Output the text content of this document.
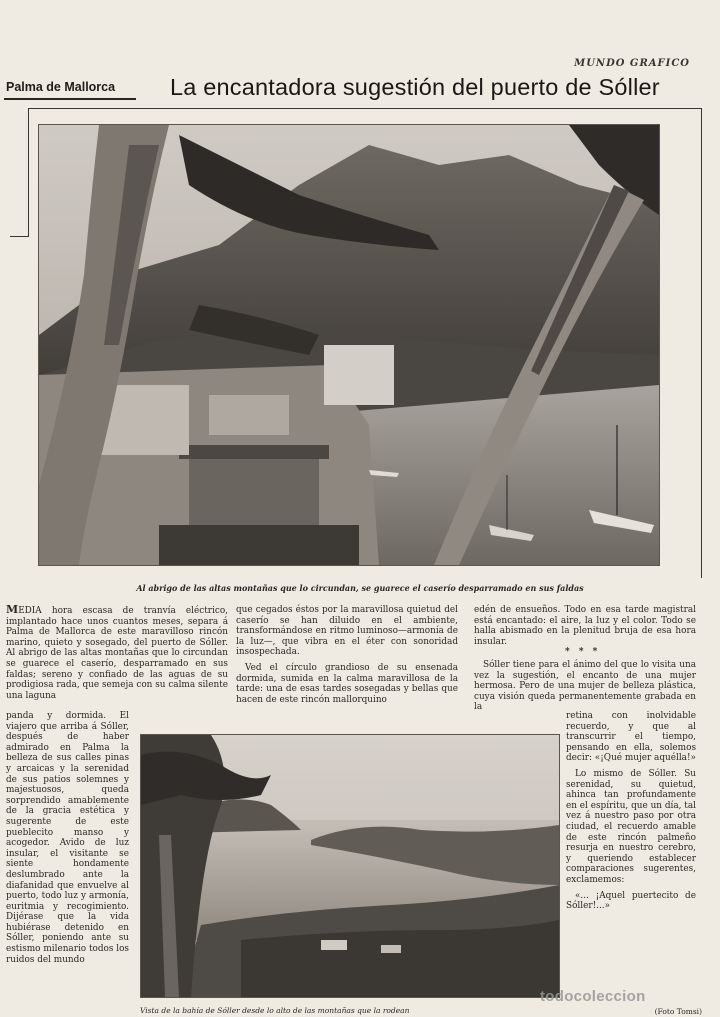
MUNDO GRAFICO
Palma de Mallorca La encantadora sugestión del puerto de Sóller
Al abrigo de las altas montañas que lo circundan, se guarece el caserío desparramado en sus faldas

MEDIA hora escasa de tranvía eléctrico, implantado hace unos cuantos meses, separa á Palma de Mallorca de este maravilloso rincón marino, quieto y sosegado, del puerto de Sóller. Al abrigo de las altas montañas que lo circundan se guarece el caserío, desparramado en sus faldas; sereno y confiado de las aguas de su prodigiosa rada, que semeja con su calma silente una laguna

que cegados éstos por la maravillosa quietud del caserío se han diluido en el ambiente, transformándose en ritmo luminoso—armonía de la luz—, que vibra en el éter con sonoridad insospechada.

Ved el círculo grandioso de su ensenada dormida, sumida en la calma maravillosa de la tarde: una de esas tardes sosegadas y bellas que hacen de este rincón mallorquino

edén de ensueños. Todo en esa tarde magistral está encantado: el aire, la luz y el color. Todo se halla abismado en la plenitud bruja de esa hora insular.

* * *

Sóller tiene para el ánimo del que lo visita una vez la sugestión, el encanto de una mujer hermosa. Pero de una mujer de belleza plástica, cuya visión queda permanentemente grabada en la

panda y dormida. El viajero que arriba á Sóller, después de haber admirado en Palma la belleza de sus calles pinas y arcaicas y la serenidad de sus patios solemnes y majestuosos, queda sorprendido amablemente de la gracia estética y sugerente de este pueblecito manso y acogedor. Avido de luz insular, el visitante se siente hondamente deslumbrado ante la diafanidad que envuelve al puerto, todo luz y armonía, euritmia y recogimiento. Dijérase que la vida hubiérase detenido en Sóller, poniendo ante su estismo milenario todos los ruidos del mundo

retina con inolvidable recuerdo, y que al transcurrir el tiempo, pensando en ella, solemos decir: «¡Qué mujer aquélla!»

Lo mismo de Sóller. Su serenidad, su quietud, ahinca tan profundamente en el espíritu, que un día, tal vez á nuestro paso por otra ciudad, el recuerdo amable de este rincón palmeño resurja en nuestro cerebro, y queriendo establecer comparaciones sugerentes, exclamemos:

«... ¡Aquel puertecito de Sóller!...»

Vista de la bahía de Sóller desde lo alto de las montañas que la rodean	(Foto Tomsi)
todocoleccion
